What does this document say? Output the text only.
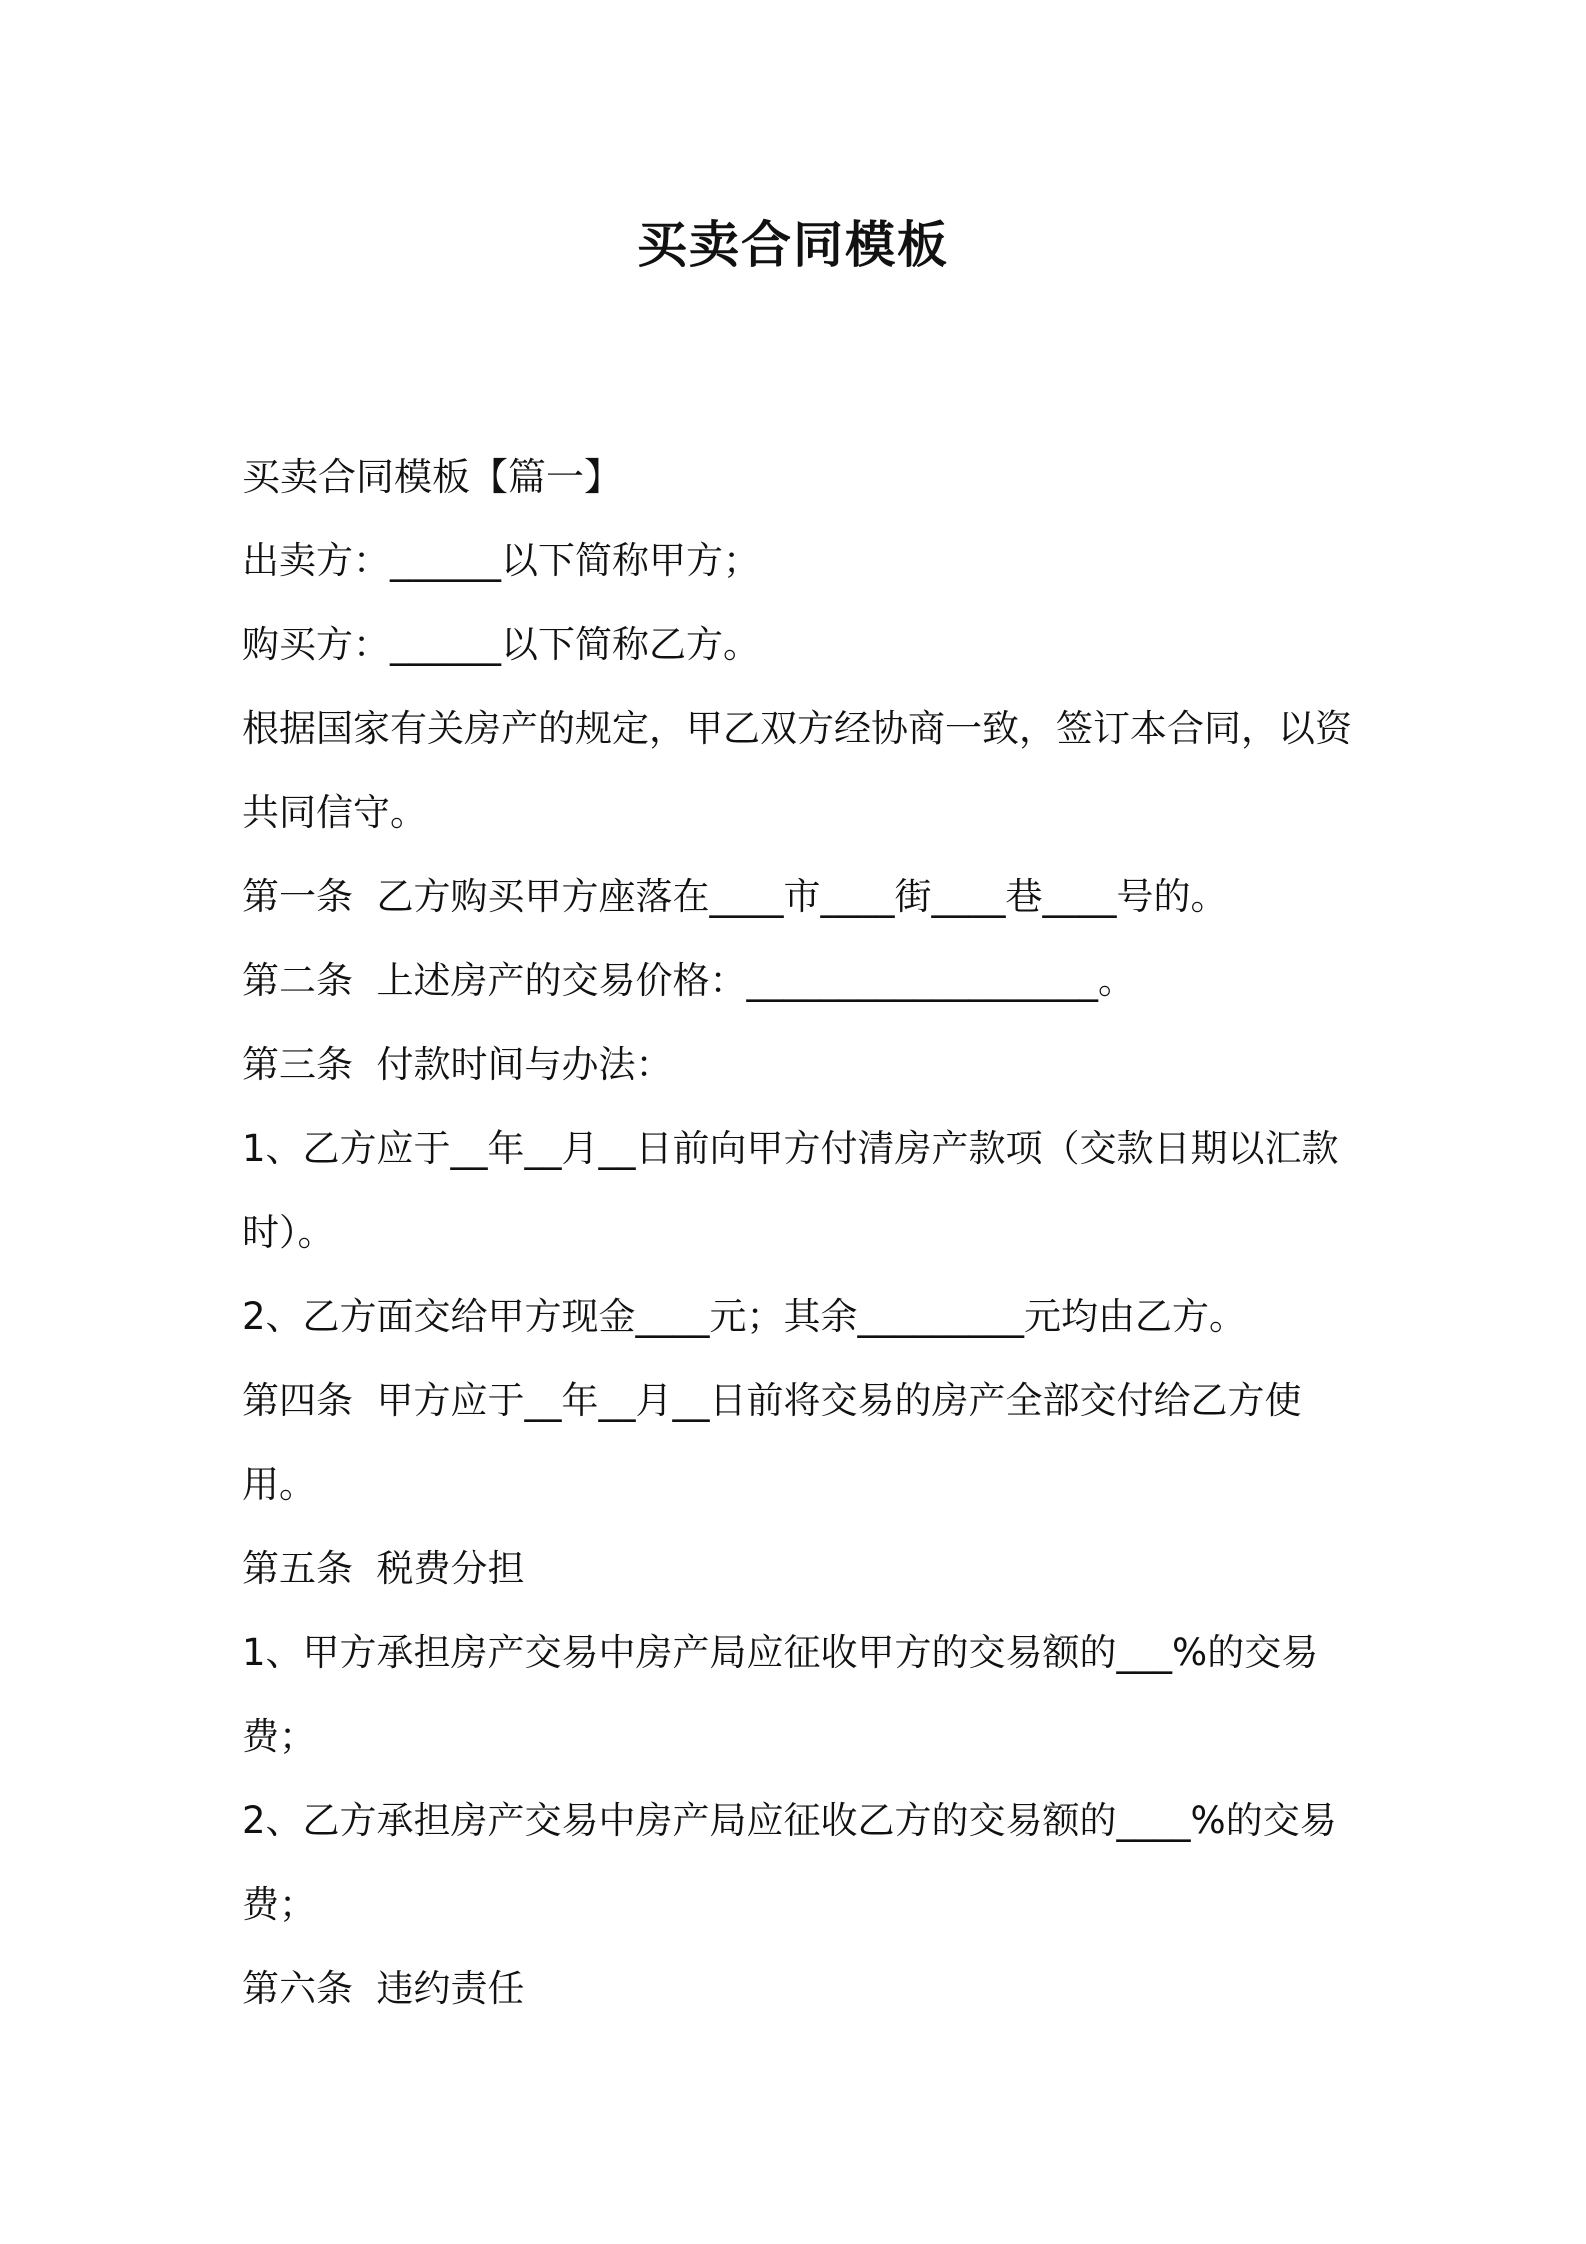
买卖合同模板

买卖合同模板【篇一】

出卖方：______以下简称甲方；

购买方：______以下简称乙方。

根据国家有关房产的规定，甲乙双方经协商一致，签订本合同，以资

共同信守。

第一条  乙方购买甲方座落在____市____街____巷____号的。

第二条  上述房产的交易价格：___________________。

第三条  付款时间与办法：

1、乙方应于__年__月__日前向甲方付清房产款项（交款日期以汇款

时）。

2、乙方面交给甲方现金____元；其余_________元均由乙方。

第四条  甲方应于__年__月__日前将交易的房产全部交付给乙方使

用。

第五条  税费分担

1、甲方承担房产交易中房产局应征收甲方的交易额的___%的交易

费；

2、乙方承担房产交易中房产局应征收乙方的交易额的____%的交易

费；

第六条  违约责任
